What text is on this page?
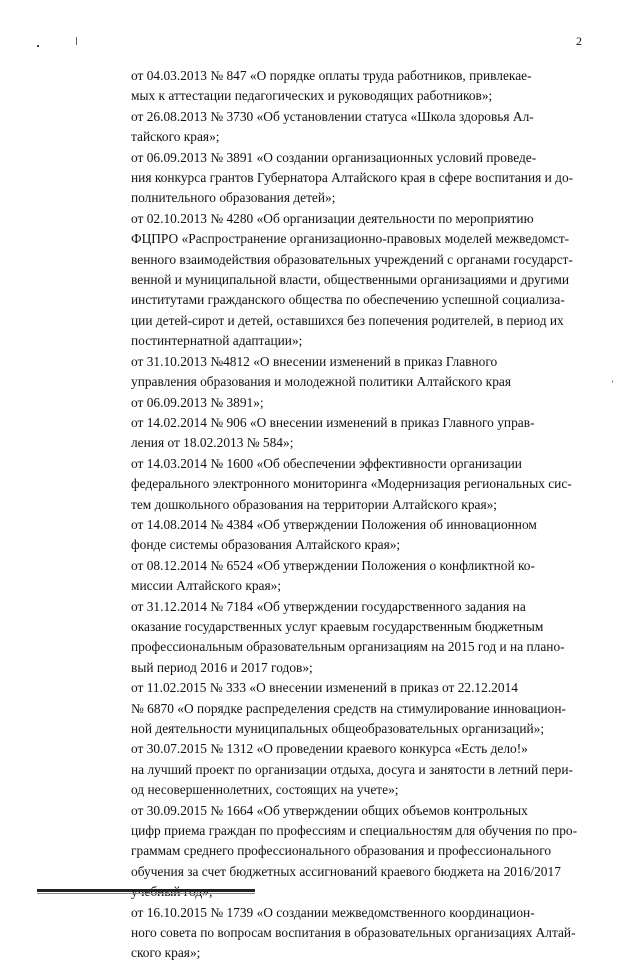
2

от 04.03.2013 № 847 «О порядке оплаты труда работников, привлекае-
мых к аттестации педагогических и руководящих работников»;

от 26.08.2013 № 3730 «Об установлении статуса «Школа здоровья Ал-
тайского края»;

от 06.09.2013 № 3891 «О создании организационных условий проведе-
ния конкурса грантов Губернатора Алтайского края в сфере воспитания и до-
полнительного образования детей»;

от 02.10.2013 № 4280 «Об организации деятельности по мероприятию
ФЦПРО «Распространение организационно-правовых моделей межведомст-
венного взаимодействия образовательных учреждений с органами государст-
венной и муниципальной власти, общественными организациями и другими
институтами гражданского общества по обеспечению успешной социализа-
ции детей-сирот и детей, оставшихся без попечения родителей, в период их
постинтернатной адаптации»;

от 31.10.2013 №4812 «О внесении изменений в приказ Главного
управления образования и молодежной политики Алтайского края
от 06.09.2013 № 3891»;

от 14.02.2014 № 906 «О внесении изменений в приказ Главного управ-
ления от 18.02.2013 № 584»;

от 14.03.2014 № 1600 «Об обеспечении эффективности организации
федерального электронного мониторинга «Модернизация региональных сис-
тем дошкольного образования на территории Алтайского края»;

от 14.08.2014 № 4384 «Об утверждении Положения об инновационном
фонде системы образования Алтайского края»;

от 08.12.2014 № 6524 «Об утверждении Положения о конфликтной ко-
миссии Алтайского края»;

от 31.12.2014 № 7184 «Об утверждении государственного задания на
оказание государственных услуг краевым государственным бюджетным
профессиональным образовательным организациям на 2015 год и на плано-
вый период 2016 и 2017 годов»;

от 11.02.2015 № 333 «О внесении изменений в приказ от 22.12.2014
№ 6870 «О порядке распределения средств на стимулирование инновацион-
ной деятельности муниципальных общеобразовательных организаций»;

от 30.07.2015 № 1312 «О проведении краевого конкурса «Есть дело!»
на лучший проект по организации отдыха, досуга и занятости в летний пери-
од несовершеннолетних, состоящих на учете»;

от 30.09.2015 № 1664 «Об утверждении общих объемов контрольных
цифр приема граждан по профессиям и специальностям для обучения по про-
граммам среднего профессионального образования и профессионального
обучения за счет бюджетных ассигнований краевого бюджета на 2016/2017

от 16.10.2015 № 1739 «О создании межведомственного координацион-
ного совета по вопросам воспитания в образовательных организациях Алтай-
ского края»;
